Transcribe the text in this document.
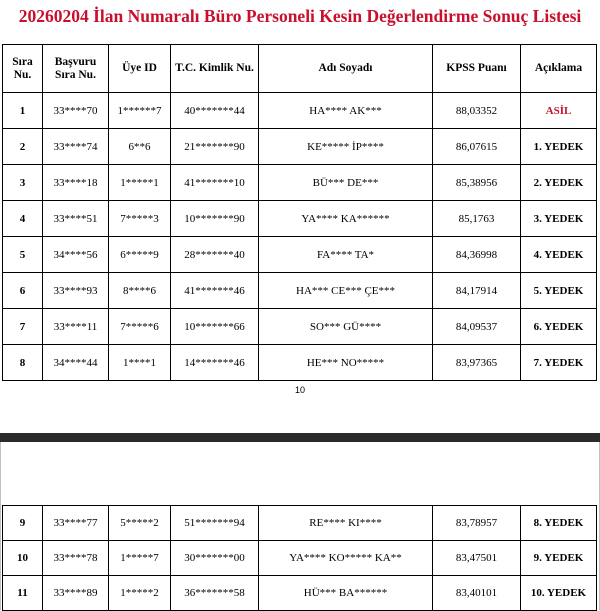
20260204 İlan Numaralı Büro Personeli Kesin Değerlendirme Sonuç Listesi
Sıra Nu.	Başvuru Sıra Nu.	Üye ID	T.C. Kimlik Nu.	Adı Soyadı	KPSS Puanı	Açıklama
1	33****70	1******7	40*******44	HA**** AK***	88,03352	ASİL
2	33****74	6**6	21*******90	KE***** İP****	86,07615	1. YEDEK
3	33****18	1*****1	41*******10	BÜ*** DE***	85,38956	2. YEDEK
4	33****51	7*****3	10*******90	YA**** KA******	85,1763	3. YEDEK
5	34****56	6*****9	28*******40	FA**** TA*	84,36998	4. YEDEK
6	33****93	8****6	41*******46	HA*** CE*** ÇE***	84,17914	5. YEDEK
7	33****11	7*****6	10*******66	SO*** GÜ****	84,09537	6. YEDEK
8	34****44	1****1	14*******46	HE*** NO*****	83,97365	7. YEDEK
10
9	33****77	5*****2	51*******94	RE**** KI****	83,78957	8. YEDEK
10	33****78	1*****7	30*******00	YA**** KO***** KA**	83,47501	9. YEDEK
11	33****89	1*****2	36*******58	HÜ*** BA******	83,40101	10. YEDEK
